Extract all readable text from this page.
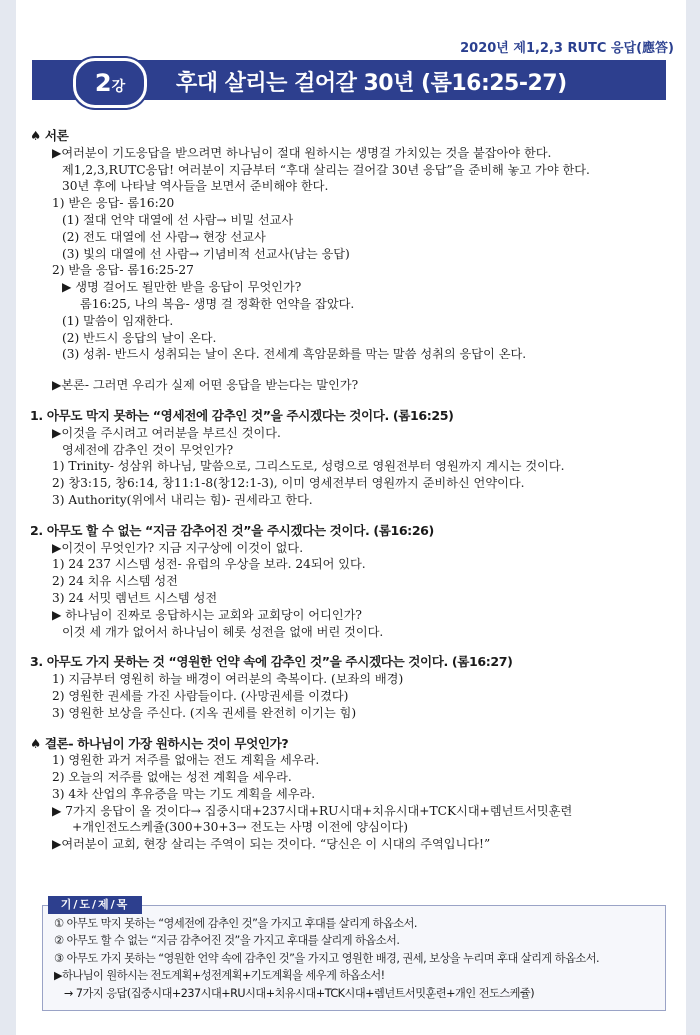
2020년 제1,2,3 RUTC 응답(應答)
2강	후대 살리는 걸어갈 30년 (롬16:25-27)
♠ 서론
▶여러분이 기도응답을 받으려면 하나님이 절대 원하시는 생명걸 가치있는 것을 붙잡아야 한다.
제1,2,3,RUTC응답! 여러분이 지금부터 “후대 살리는 걸어갈 30년 응답”을 준비해 놓고 가야 한다.
30년 후에 나타날 역사들을 보면서 준비해야 한다.
1) 받은 응답- 롬16:20
(1) 절대 언약 대열에 선 사람→ 비밀 선교사
(2) 전도 대열에 선 사람→ 현장 선교사
(3) 빛의 대열에 선 사람→ 기념비적 선교사(남는 응답)
2) 받을 응답- 롬16:25-27
▶ 생명 걸어도 될만한 받을 응답이 무엇인가?
롬16:25, 나의 복음- 생명 걸 정확한 언약을 잡았다.
(1) 말씀이 임재한다.
(2) 반드시 응답의 날이 온다.
(3) 성취- 반드시 성취되는 날이 온다. 전세계 흑암문화를 막는 말씀 성취의 응답이 온다.
▶본론- 그러면 우리가 실제 어떤 응답을 받는다는 말인가?
1. 아무도 막지 못하는 “영세전에 감추인 것”을 주시겠다는 것이다. (롬16:25)
▶이것을 주시려고 여러분을 부르신 것이다.
영세전에 감추인 것이 무엇인가?
1) Trinity- 성삼위 하나님, 말씀으로, 그리스도로, 성령으로 영원전부터 영원까지 계시는 것이다.
2) 창3:15, 창6:14, 창11:1-8(창12:1-3), 이미 영세전부터 영원까지 준비하신 언약이다.
3) Authority(위에서 내리는 힘)- 권세라고 한다.
2. 아무도 할 수 없는 “지금 감추어진 것”을 주시겠다는 것이다. (롬16:26)
▶이것이 무엇인가? 지금 지구상에 이것이 없다.
1) 24 237 시스템 성전- 유럽의 우상을 보라. 24되어 있다.
2) 24 치유 시스템 성전
3) 24 서밋 렘넌트 시스템 성전
▶ 하나님이 진짜로 응답하시는 교회와 교회당이 어디인가?
이것 세 개가 없어서 하나님이 헤롯 성전을 없애 버린 것이다.
3. 아무도 가지 못하는 것 “영원한 언약 속에 감추인 것”을 주시겠다는 것이다. (롬16:27)
1) 지금부터 영원히 하늘 배경이 여러분의 축복이다. (보좌의 배경)
2) 영원한 권세를 가진 사람들이다. (사망권세를 이겼다)
3) 영원한 보상을 주신다. (지옥 권세를 완전히 이기는 힘)
♠ 결론- 하나님이 가장 원하시는 것이 무엇인가?
1) 영원한 과거 저주를 없애는 전도 계획을 세우라.
2) 오늘의 저주를 없애는 성전 계획을 세우라.
3) 4차 산업의 후유증을 막는 기도 계획을 세우라.
▶ 7가지 응답이 올 것이다→ 집중시대+237시대+RU시대+치유시대+TCK시대+렘넌트서밋훈련
+개인전도스케쥴(300+30+3→ 전도는 사명 이전에 양심이다)
▶여러분이 교회, 현장 살리는 주역이 되는 것이다. “당신은 이 시대의 주역입니다!”
기/도/제/목
① 아무도 막지 못하는 “영세전에 감추인 것”을 가지고 후대를 살리게 하옵소서.
② 아무도 할 수 없는 “지금 감추어진 것”을 가지고 후대를 살리게 하옵소서.
③ 아무도 가지 못하는 “영원한 언약 속에 감추인 것”을 가지고 영원한 배경, 권세, 보상을 누리며 후대 살리게 하옵소서.
▶하나님이 원하시는 전도계획+성전계획+기도계획을 세우게 하옵소서!
→ 7가지 응답(집중시대+237시대+RU시대+치유시대+TCK시대+렘넌트서밋훈련+개인 전도스케쥴)
